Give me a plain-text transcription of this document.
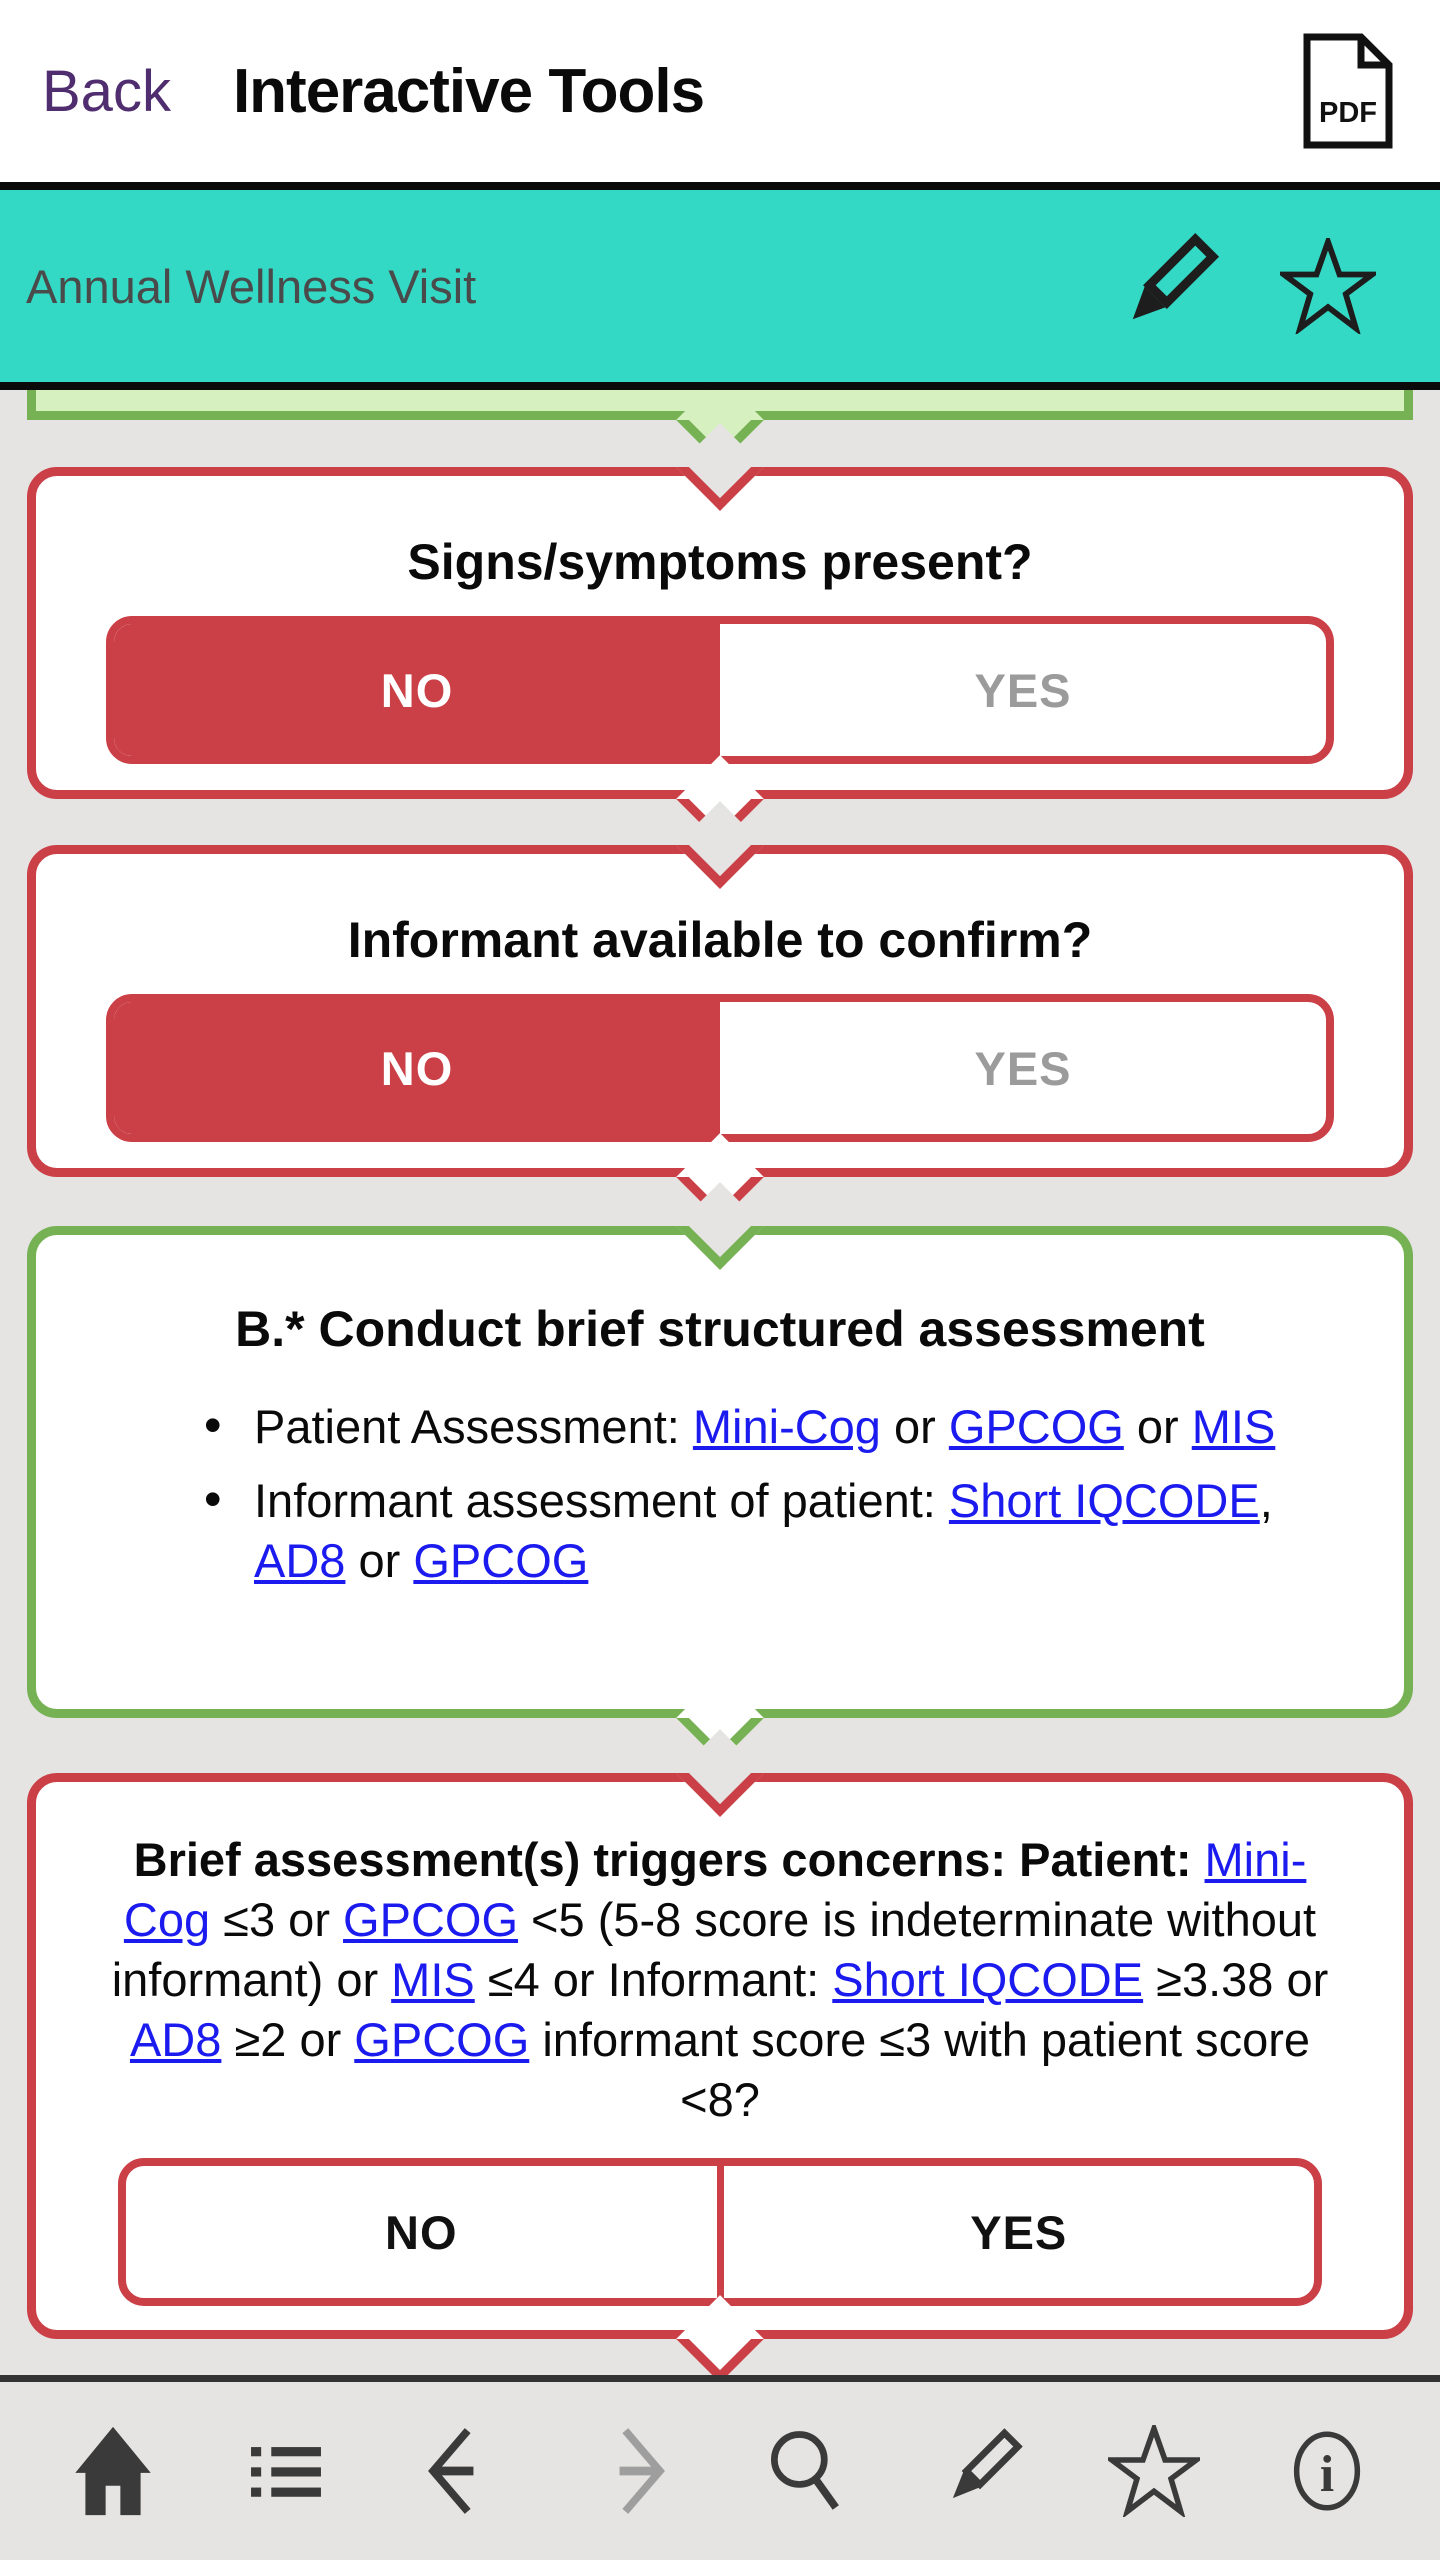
Back Interactive Tools	PDF
Annual Wellness Visit
Signs/symptoms present?
NO	YES
Informant available to confirm?
NO	YES
B.* Conduct brief structured assessment
• Patient Assessment: Mini-Cog or GPCOG or MIS
• Informant assessment of patient: Short IQCODE, AD8 or GPCOG
Brief assessment(s) triggers concerns: Patient: Mini-Cog ≤3 or GPCOG <5 (5-8 score is indeterminate without informant) or MIS ≤4 or Informant: Short IQCODE ≥3.38 or AD8 ≥2 or GPCOG informant score ≤3 with patient score <8?
NO	YES
i
